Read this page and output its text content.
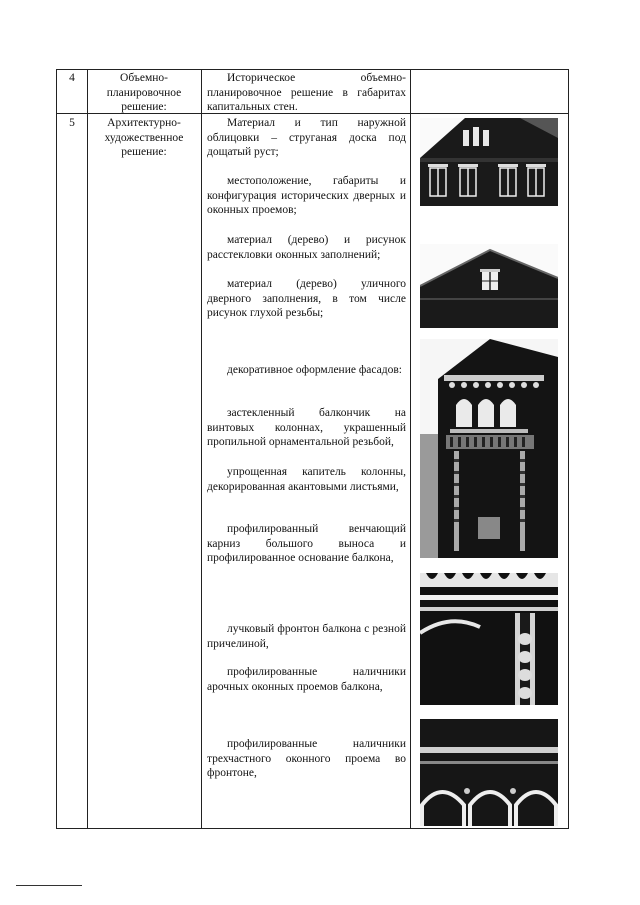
4	Объемно-планировочное решение:
Историческое объемно-планировочное решение в габаритах капитальных стен.
5	Архитектурно-художественное решение:
Материал и тип наружной облицовки – струганая доска под дощатый руст;
местоположение, габариты и конфигурация исторических дверных и оконных проемов;
материал (дерево) и рисунок расстекловки оконных заполнений;
материал (дерево) уличного дверного заполнения, в том числе рисунок глухой резьбы;
декоративное оформление фасадов:
застекленный балкончик на винтовых колоннах, украшенный пропильной орнаментальной резьбой,
упрощенная капитель колонны, декорированная акантовыми листьями,
профилированный венчающий карниз большого выноса и профилированное основание балкона,
лучковый фронтон балкона с резной причелиной,
профилированные наличники арочных оконных проемов балкона,
профилированные наличники трехчастного оконного проема во фронтоне,
